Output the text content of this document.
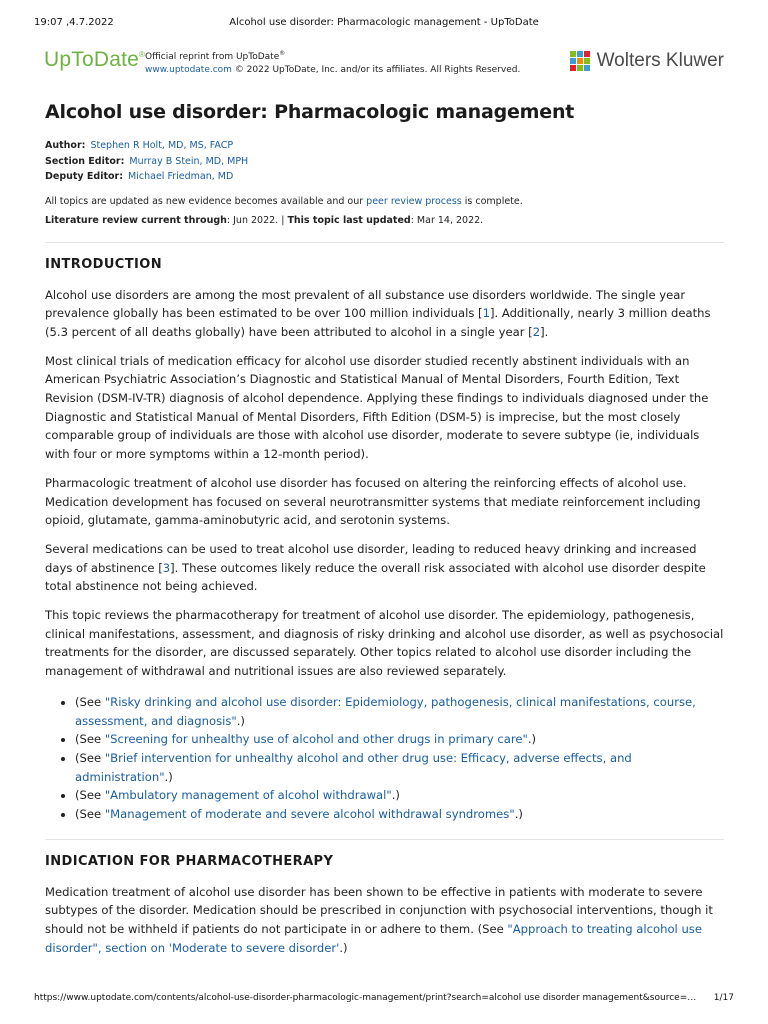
19:07 ,4.7.2022	Alcohol use disorder: Pharmacologic management - UpToDate
UpToDate® Official reprint from UpToDate®
www.uptodate.com © 2022 UpToDate, Inc. and/or its affiliates. All Rights Reserved.	Wolters Kluwer
Alcohol use disorder: Pharmacologic management
Author: Stephen R Holt, MD, MS, FACP
Section Editor: Murray B Stein, MD, MPH
Deputy Editor: Michael Friedman, MD
All topics are updated as new evidence becomes available and our peer review process is complete.
Literature review current through: Jun 2022. | This topic last updated: Mar 14, 2022.
INTRODUCTION

Alcohol use disorders are among the most prevalent of all substance use disorders worldwide. The single year prevalence globally has been estimated to be over 100 million individuals [1]. Additionally, nearly 3 million deaths (5.3 percent of all deaths globally) have been attributed to alcohol in a single year [2].

Most clinical trials of medication efficacy for alcohol use disorder studied recently abstinent individuals with an American Psychiatric Association’s Diagnostic and Statistical Manual of Mental Disorders, Fourth Edition, Text Revision (DSM-IV-TR) diagnosis of alcohol dependence. Applying these findings to individuals diagnosed under the Diagnostic and Statistical Manual of Mental Disorders, Fifth Edition (DSM-5) is imprecise, but the most closely comparable group of individuals are those with alcohol use disorder, moderate to severe subtype (ie, individuals with four or more symptoms within a 12-month period).

Pharmacologic treatment of alcohol use disorder has focused on altering the reinforcing effects of alcohol use. Medication development has focused on several neurotransmitter systems that mediate reinforcement including opioid, glutamate, gamma-aminobutyric acid, and serotonin systems.

Several medications can be used to treat alcohol use disorder, leading to reduced heavy drinking and increased days of abstinence [3]. These outcomes likely reduce the overall risk associated with alcohol use disorder despite total abstinence not being achieved.

This topic reviews the pharmacotherapy for treatment of alcohol use disorder. The epidemiology, pathogenesis, clinical manifestations, assessment, and diagnosis of risky drinking and alcohol use disorder, as well as psychosocial treatments for the disorder, are discussed separately. Other topics related to alcohol use disorder including the management of withdrawal and nutritional issues are also reviewed separately.

• (See "Risky drinking and alcohol use disorder: Epidemiology, pathogenesis, clinical manifestations, course, assessment, and diagnosis".)
• (See "Screening for unhealthy use of alcohol and other drugs in primary care".)
• (See "Brief intervention for unhealthy alcohol and other drug use: Efficacy, adverse effects, and administration".)
• (See "Ambulatory management of alcohol withdrawal".)
• (See "Management of moderate and severe alcohol withdrawal syndromes".)
INDICATION FOR PHARMACOTHERAPY

Medication treatment of alcohol use disorder has been shown to be effective in patients with moderate to severe subtypes of the disorder. Medication should be prescribed in conjunction with psychosocial interventions, though it should not be withheld if patients do not participate in or adhere to them. (See "Approach to treating alcohol use disorder", section on 'Moderate to severe disorder'.)

https://www.uptodate.com/contents/alcohol-use-disorder-pharmacologic-management/print?search=alcohol use disorder management&source=…	1/17
